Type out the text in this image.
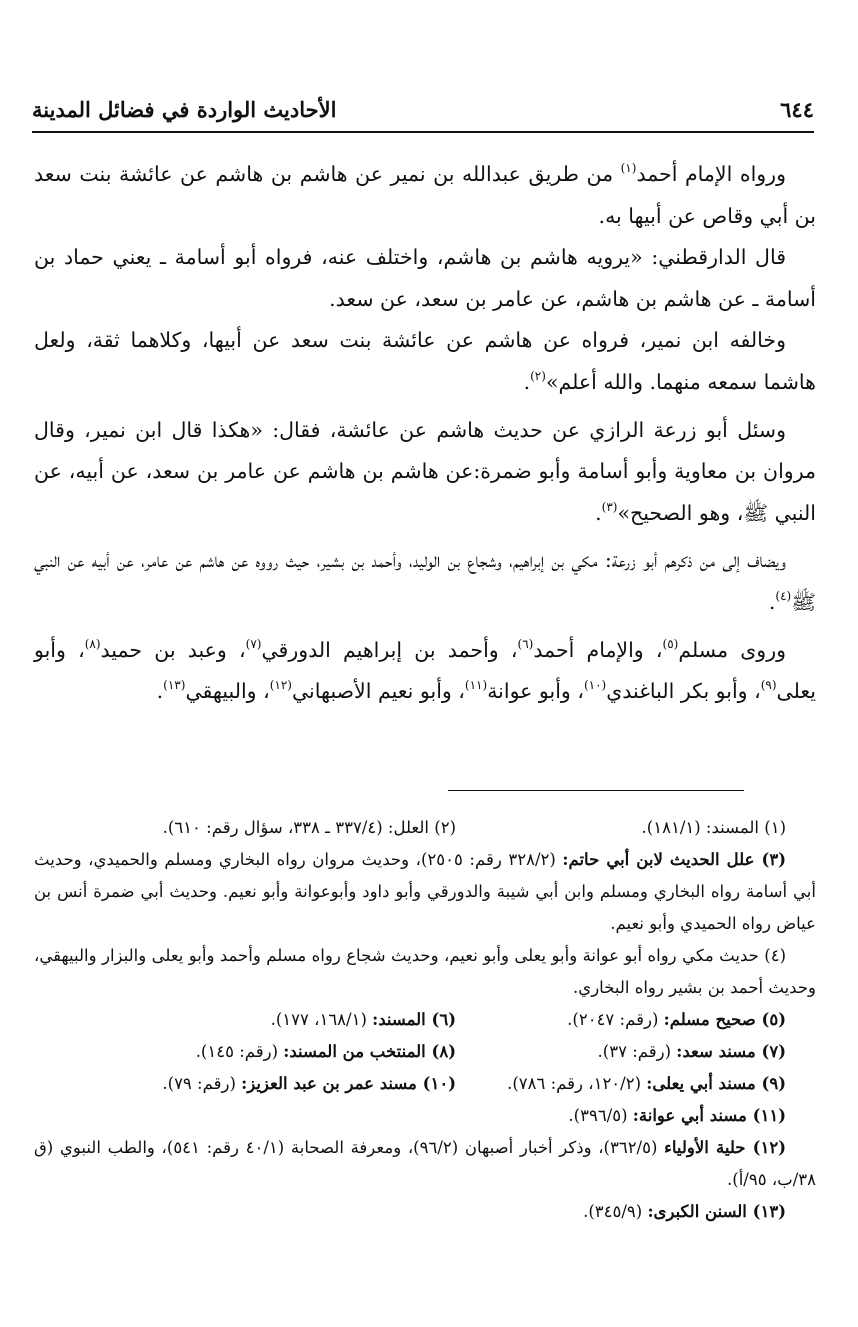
٦٤٤
الأحاديث الواردة في فضائل المدينة

ورواه الإمام أحمد$^{(١)}$ من طريق عبدالله بن نمير عن هاشم بن هاشم عن عائشة بنت سعد بن أبي وقاص عن أبيها به.

قال الدارقطني: «يرويه هاشم بن هاشم، واختلف عنه، فرواه أبو أسامة ـ يعني حماد بن أسامة ـ عن هاشم بن هاشم، عن عامر بن سعد، عن سعد.

وخالفه ابن نمير، فرواه عن هاشم عن عائشة بنت سعد عن أبيها، وكلاهما ثقة، ولعل هاشما سمعه منهما. والله أعلم»$^{(٢)}$.

وسئل أبو زرعة الرازي عن حديث هاشم عن عائشة، فقال: «هكذا قال ابن نمير، وقال مروان بن معاوية وأبو أسامة وأبو ضمرة:عن هاشم بن هاشم عن عامر بن سعد، عن أبيه، عن النبي ﷺ، وهو الصحيح»$^{(٣)}$.

ويضاف إلى من ذكرهم أبو زرعة: مكي بن إبراهيم، وشجاع بن الوليد، وأحمد بن بشير، حيث رووه عن هاشم عن عامر، عن أبيه عن النبي ﷺ$^{(٤)}$.

وروى مسلم$^{(٥)}$، والإمام أحمد$^{(٦)}$، وأحمد بن إبراهيم الدورقي$^{(٧)}$، وعبد بن حميد$^{(٨)}$، وأبو يعلى$^{(٩)}$، وأبو بكر الباغندي$^{(١٠)}$، وأبو عوانة$^{(١١)}$، وأبو نعيم الأصبهاني$^{(١٢)}$، والبيهقي$^{(١٣)}$.

(١) المسند: (١٨١/١).
(٢) العلل: (٣٣٧/٤ ـ ٣٣٨، سؤال رقم: ٦١٠).

(٣) علل الحديث لابن أبي حاتم: (٣٢٨/٢ رقم: ٢٥٠٥)، وحديث مروان رواه البخاري ومسلم والحميدي، وحديث أبي أسامة رواه البخاري ومسلم وابن أبي شيبة والدورقي وأبو داود وأبوعوانة وأبو نعيم. وحديث أبي ضمرة أنس بن عياض رواه الحميدي وأبو نعيم.

(٤) حديث مكي رواه أبو عوانة وأبو يعلى وأبو نعيم، وحديث شجاع رواه مسلم وأحمد وأبو يعلى والبزار والبيهقي، وحديث أحمد بن بشير رواه البخاري.

(٥) صحيح مسلم: (رقم: ٢٠٤٧).
(٦) المسند: (١٦٨/١، ١٧٧).
(٧) مسند سعد: (رقم: ٣٧).
(٨) المنتخب من المسند: (رقم: ١٤٥).
(٩) مسند أبي يعلى: (١٢٠/٢، رقم: ٧٨٦).
(١٠) مسند عمر بن عبد العزيز: (رقم: ٧٩).

(١١) مسند أبي عوانة: (٣٩٦/٥).

(١٢) حلية الأولياء (٣٦٢/٥)، وذكر أخبار أصبهان (٩٦/٢)، ومعرفة الصحابة (٤٠/١ رقم: ٥٤١)، والطب النبوي (ق ٣٨/ب، ٩٥/أ).

(١٣) السنن الكبرى: (٣٤٥/٩).
